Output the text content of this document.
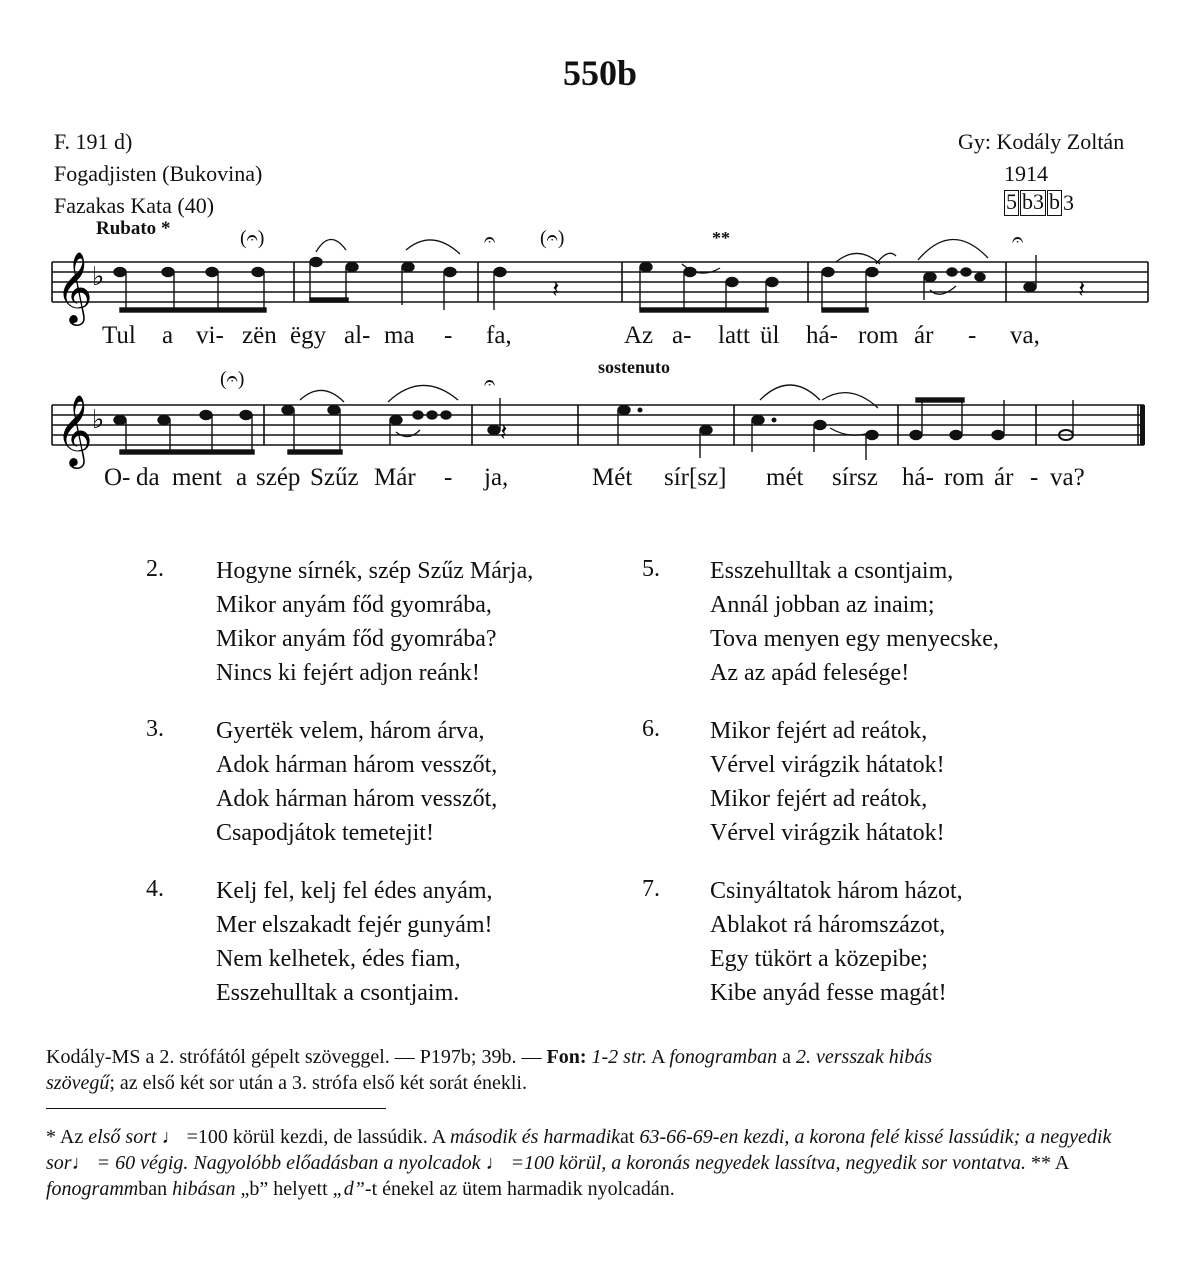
550b
F. 191 d)
Fogadjisten (Bukovina)
Fazakas Kata (40)
Gy: Kodály Zoltán
1914
5 b3 b 3
Rubato *
sostenuto
(𝄐)	𝄐 (𝄐)	**	𝄐
(𝄐)	𝄐
𝄞 ♭
𝄞 ♭
𝄽	𝄽
𝄽
Tul a vi- zën ëgy al- ma - fa,	Az a- latt ül há- rom ár - va,
O- da ment a szép Szűz Már - ja,	Mét sír[sz] mét sírsz há- rom ár - va?
2. Hogyne sírnék, szép Szűz Márja,
Mikor anyám főd gyomrába,
Mikor anyám főd gyomrába?
Nincs ki fejért adjon reánk!
3. Gyertëk velem, három árva,
Adok hárman három vesszőt,
Adok hárman három vesszőt,
Csapodjátok temetejit!
4. Kelj fel, kelj fel édes anyám,
Mer elszakadt fejér gunyám!
Nem kelhetek, édes fiam,
Esszehulltak a csontjaim.
5. Esszehulltak a csontjaim,
Annál jobban az inaim;
Tova menyen egy menyecske,
Az az apád felesége!
6. Mikor fejért ad reátok,
Vérvel virágzik hátatok!
Mikor fejért ad reátok,
Vérvel virágzik hátatok!
7. Csinyáltatok három házot,
Ablakot rá háromszázot,
Egy tükört a közepibe;
Kibe anyád fesse magát!
Kodály-MS a 2. strófától gépelt szöveggel. — P197b; 39b. — Fon: 1-2 str. A fonogramban a 2. versszak hibás
szövegű; az első két sor után a 3. strófa első két sorát énekli.
* Az első sort ♩ =100 körül kezdi, de lassúdik. A második és harmadikat 63-66-69-en kezdi, a korona felé kissé lassúdik; a negyedik sor♩ = 60 végig. Nagyolóbb előadásban a nyolcadok ♩ =100 körül, a koronás negyedek lassítva, negyedik sor vontatva. ** A fonogrammban hibásan „b” helyett „d”-t énekel az ütem harmadik nyolcadán.
